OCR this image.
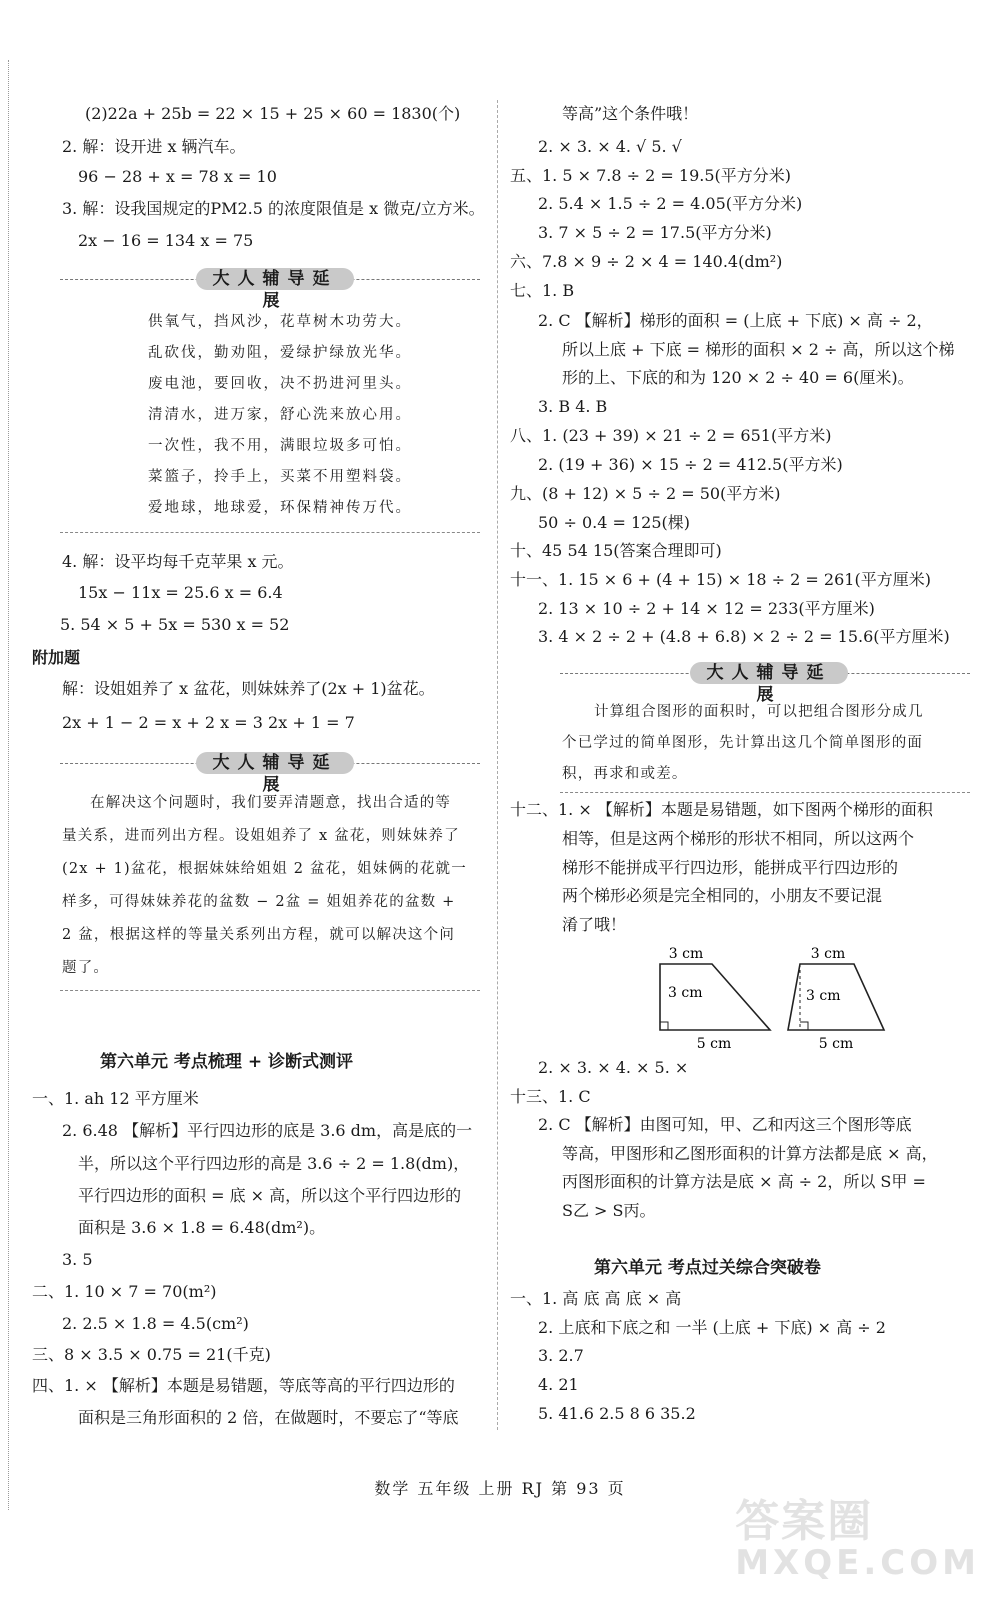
(2)22a + 25b = 22 × 15 + 25 × 60 = 1830(个)
2. 解：设开进 x 辆汽车。
96 − 28 + x = 78 x = 10
3. 解：设我国规定的PM2.5 的浓度限值是 x 微克/立方米。
2x − 16 = 134 x = 75
大人辅导延展
供氧气，挡风沙，花草树木功劳大。
乱砍伐，勤劝阻，爱绿护绿放光华。
废电池，要回收，决不扔进河里头。
清清水，进万家，舒心洗来放心用。
一次性，我不用，满眼垃圾多可怕。
菜篮子，拎手上，买菜不用塑料袋。
爱地球，地球爱，环保精神传万代。
4. 解：设平均每千克苹果 x 元。
15x − 11x = 25.6 x = 6.4
5. 54 × 5 + 5x = 530 x = 52
附加题
解：设姐姐养了 x 盆花，则妹妹养了(2x + 1)盆花。
2x + 1 − 2 = x + 2 x = 3 2x + 1 = 7
大人辅导延展
在解决这个问题时，我们要弄清题意，找出合适的等
量关系，进而列出方程。设姐姐养了 x 盆花，则妹妹养了
(2x + 1)盆花，根据妹妹给姐姐 2 盆花，姐妹俩的花就一
样多，可得妹妹养花的盆数 − 2盆 = 姐姐养花的盆数 +
2 盆，根据这样的等量关系列出方程，就可以解决这个问
题了。
第六单元 考点梳理 + 诊断式测评
一、1. ah 12 平方厘米
2. 6.48 【解析】平行四边形的底是 3.6 dm，高是底的一
半，所以这个平行四边形的高是 3.6 ÷ 2 = 1.8(dm)，
平行四边形的面积 = 底 × 高，所以这个平行四边形的
面积是 3.6 × 1.8 = 6.48(dm²)。
3. 5
二、1. 10 × 7 = 70(m²)
2. 2.5 × 1.8 = 4.5(cm²)
三、8 × 3.5 × 0.75 = 21(千克)
四、1. × 【解析】本题是易错题，等底等高的平行四边形的
面积是三角形面积的 2 倍，在做题时，不要忘了“等底
等高”这个条件哦！
2. × 3. × 4. √ 5. √
五、1. 5 × 7.8 ÷ 2 = 19.5(平方分米)
2. 5.4 × 1.5 ÷ 2 = 4.05(平方分米)
3. 7 × 5 ÷ 2 = 17.5(平方分米)
六、7.8 × 9 ÷ 2 × 4 = 140.4(dm²)
七、1. B
2. C 【解析】梯形的面积 = (上底 + 下底) × 高 ÷ 2，
所以上底 + 下底 = 梯形的面积 × 2 ÷ 高，所以这个梯
形的上、下底的和为 120 × 2 ÷ 40 = 6(厘米)。
3. B 4. B
八、1. (23 + 39) × 21 ÷ 2 = 651(平方米)
2. (19 + 36) × 15 ÷ 2 = 412.5(平方米)
九、(8 + 12) × 5 ÷ 2 = 50(平方米)
50 ÷ 0.4 = 125(棵)
十、45 54 15(答案合理即可)
十一、1. 15 × 6 + (4 + 15) × 18 ÷ 2 = 261(平方厘米)
2. 13 × 10 ÷ 2 + 14 × 12 = 233(平方厘米)
3. 4 × 2 ÷ 2 + (4.8 + 6.8) × 2 ÷ 2 = 15.6(平方厘米)
大人辅导延展
计算组合图形的面积时，可以把组合图形分成几
个已学过的简单图形，先计算出这几个简单图形的面
积，再求和或差。
十二、1. × 【解析】本题是易错题，如下图两个梯形的面积
相等，但是这两个梯形的形状不相同，所以这两个
梯形不能拼成平行四边形，能拼成平行四边形的
两个梯形必须是完全相同的，小朋友不要记混
淆了哦！
3 cm
3 cm
5 cm
3 cm
3 cm
5 cm
2. × 3. × 4. × 5. ×
十三、1. C
2. C 【解析】由图可知，甲、乙和丙这三个图形等底
等高，甲图形和乙图形面积的计算方法都是底 × 高，
丙图形面积的计算方法是底 × 高 ÷ 2，所以 S甲 =
S乙 > S丙。
第六单元 考点过关综合突破卷
一、1. 高 底 高 底 × 高
2. 上底和下底之和 一半 (上底 + 下底) × 高 ÷ 2
3. 2.7
4. 21
5. 41.6 2.5 8 6 35.2
数学 五年级 上册 RJ 第 93 页
答案圈
MXQE.COM
